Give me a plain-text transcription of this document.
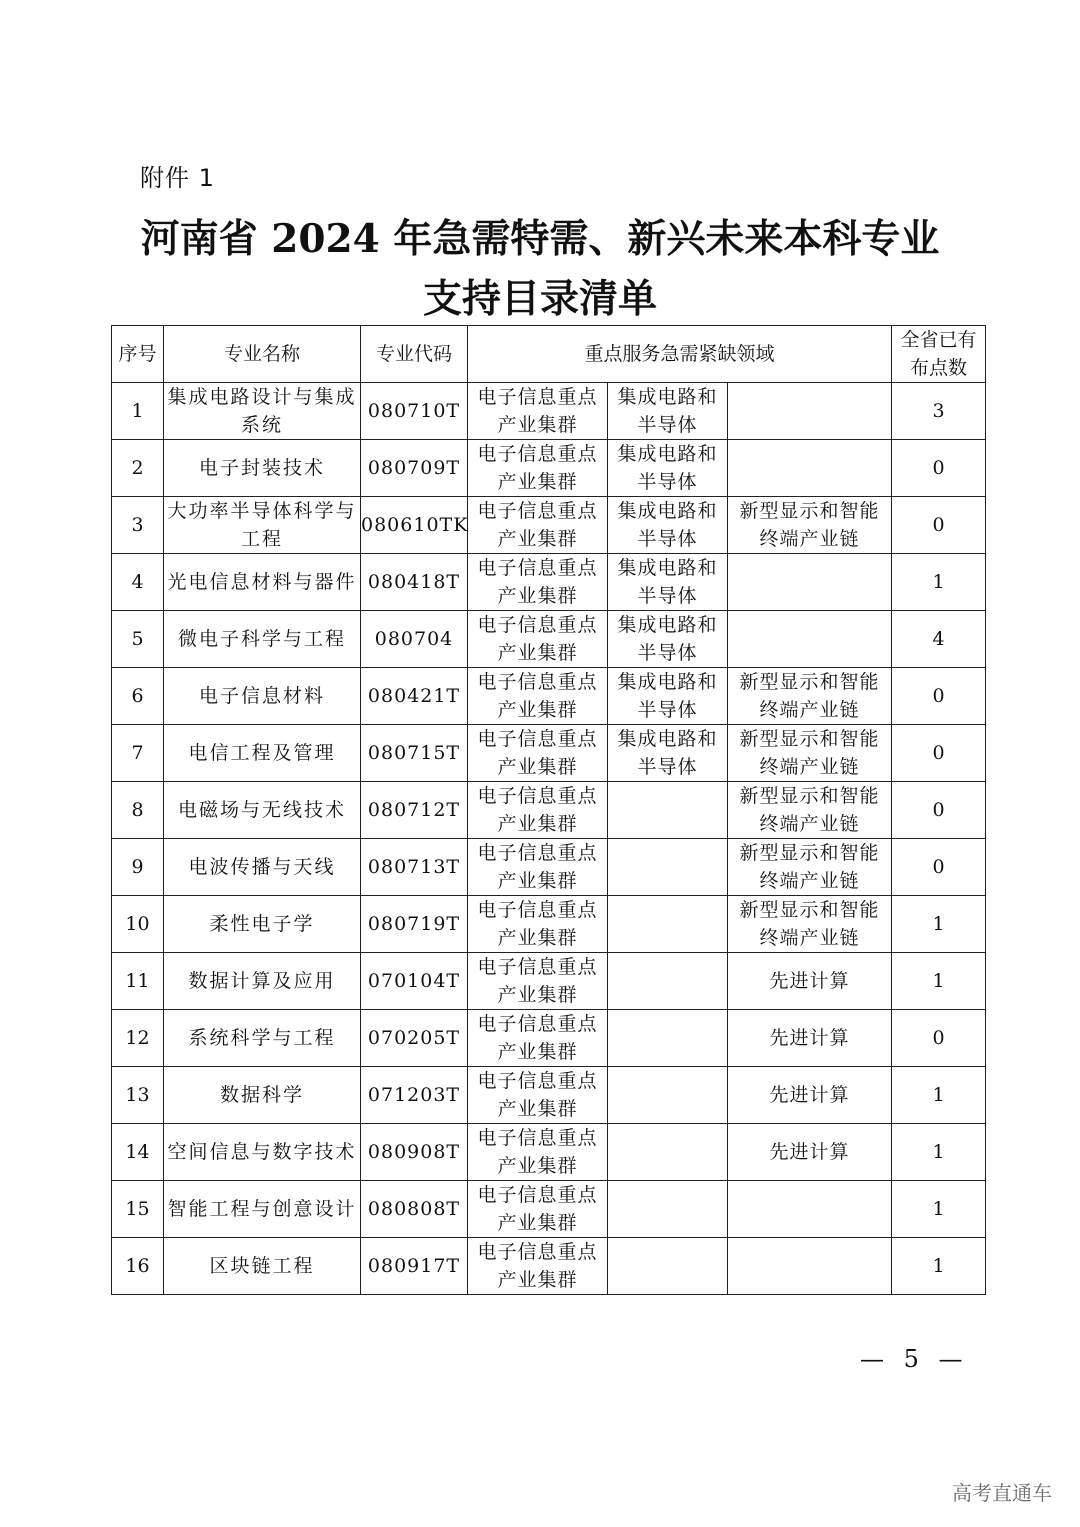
附件 1
河南省 2024 年急需特需、新兴未来本科专业
支持目录清单
序号	专业名称	专业代码	重点服务急需紧缺领域			全省已有
布点数

1	集成电路设计与集成
系统	080710T	电子信息重点
产业集群	集成电路和
半导体		3
2	电子封装技术	080709T	电子信息重点
产业集群	集成电路和
半导体		0
3	大功率半导体科学与
工程	080610TK	电子信息重点
产业集群	集成电路和
半导体	新型显示和智能
终端产业链	0
4	光电信息材料与器件	080418T	电子信息重点
产业集群	集成电路和
半导体		1
5	微电子科学与工程	080704	电子信息重点
产业集群	集成电路和
半导体		4
6	电子信息材料	080421T	电子信息重点
产业集群	集成电路和
半导体	新型显示和智能
终端产业链	0
7	电信工程及管理	080715T	电子信息重点
产业集群	集成电路和
半导体	新型显示和智能
终端产业链	0
8	电磁场与无线技术	080712T	电子信息重点
产业集群		新型显示和智能
终端产业链	0
9	电波传播与天线	080713T	电子信息重点
产业集群		新型显示和智能
终端产业链	0
10	柔性电子学	080719T	电子信息重点
产业集群		新型显示和智能
终端产业链	1
11	数据计算及应用	070104T	电子信息重点
产业集群		先进计算	1
12	系统科学与工程	070205T	电子信息重点
产业集群		先进计算	0
13	数据科学	071203T	电子信息重点
产业集群		先进计算	1
14	空间信息与数字技术	080908T	电子信息重点
产业集群		先进计算	1
15	智能工程与创意设计	080808T	电子信息重点
产业集群			1
16	区块链工程	080917T	电子信息重点
产业集群			1
— 5 —
高考直通车
